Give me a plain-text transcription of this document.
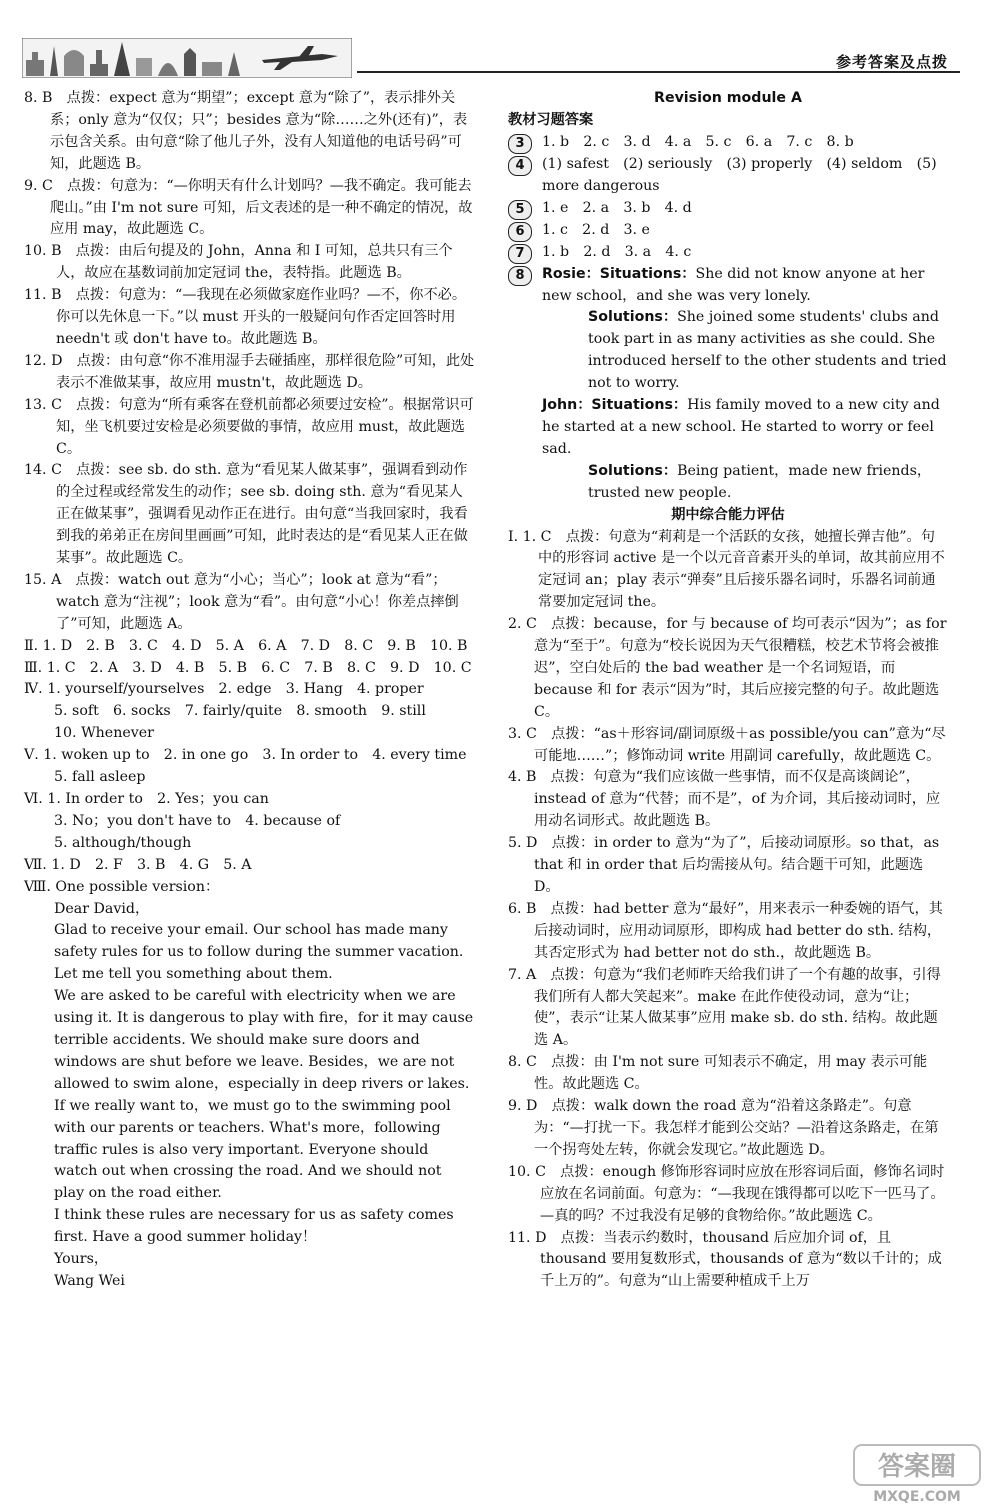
参考答案及点拨

8. B　点拨：expect 意为“期望”；except 意为“除了”，表示排外关系；only 意为“仅仅；只”；besides 意为“除……之外(还有)”，表示包含关系。由句意“除了他儿子外，没有人知道他的电话号码”可知，此题选 B。

9. C　点拨：句意为：“—你明天有什么计划吗？—我不确定。我可能去爬山。”由 I'm not sure 可知，后文表述的是一种不确定的情况，故应用 may，故此题选 C。

10. B　点拨：由后句提及的 John，Anna 和 I 可知，总共只有三个人，故应在基数词前加定冠词 the，表特指。此题选 B。

11. B　点拨：句意为：“—我现在必须做家庭作业吗？—不，你不必。你可以先休息一下。”以 must 开头的一般疑问句作否定回答时用 needn't 或 don't have to。故此题选 B。

12. D　点拨：由句意“你不准用湿手去碰插座，那样很危险”可知，此处表示不准做某事，故应用 mustn't，故此题选 D。

13. C　点拨：句意为“所有乘客在登机前都必须要过安检”。根据常识可知，坐飞机要过安检是必须要做的事情，故应用 must，故此题选 C。

14. C　点拨：see sb. do sth. 意为“看见某人做某事”，强调看到动作的全过程或经常发生的动作；see sb. doing sth. 意为“看见某人正在做某事”，强调看见动作正在进行。由句意“当我回家时，我看到我的弟弟正在房间里画画”可知，此时表达的是“看见某人正在做某事”。故此题选 C。

15. A　点拨：watch out 意为“小心；当心”；look at 意为“看”；watch 意为“注视”；look 意为“看”。由句意“小心！你差点摔倒了”可知，此题选 A。

Ⅱ. 1. D　2. B　3. C　4. D　5. A　6. A　7. D　8. C　9. B　10. B

Ⅲ. 1. C　2. A　3. D　4. B　5. B　6. C　7. B　8. C　9. D　10. C

Ⅳ. 1. yourself/yourselves　2. edge　3. Hang　4. proper

5. soft　6. socks　7. fairly/quite　8. smooth　9. still

10. Whenever

Ⅴ. 1. woken up to　2. in one go　3. In order to　4. every time

5. fall asleep

Ⅵ. 1. In order to　2. Yes；you can

3. No；you don't have to　4. because of

5. although/though

Ⅶ. 1. D　2. F　3. B　4. G　5. A

Ⅷ. One possible version：

Dear David，

Glad to receive your email. Our school has made many safety rules for us to follow during the summer vacation. Let me tell you something about them.

We are asked to be careful with electricity when we are using it. It is dangerous to play with fire，for it may cause terrible accidents. We should make sure doors and windows are shut before we leave. Besides，we are not allowed to swim alone，especially in deep rivers or lakes. If we really want to，we must go to the swimming pool with our parents or teachers. What's more，following traffic rules is also very important. Everyone should watch out when crossing the road. And we should not play on the road either.

I think these rules are necessary for us as safety comes first. Have a good summer holiday！

Yours，

Wang Wei

Revision module A

教材习题答案

3	1. b　2. c　3. d　4. a　5. c　6. a　7. c　8. b
4	(1) safest　(2) seriously　(3) properly　(4) seldom　(5) more dangerous
5	1. e　2. a　3. b　4. d
6	1. c　2. d　3. e
7	1. b　2. d　3. a　4. c
8	Rosie：Situations：She did not know anyone at her new school，and she was very lonely.

Solutions：She joined some students' clubs and took part in as many activities as she could. She introduced herself to the other students and tried not to worry.

John：Situations：His family moved to a new city and he started at a new school. He started to worry or feel sad.

Solutions：Being patient，made new friends，trusted new people.

期中综合能力评估

Ⅰ. 1. C　点拨：句意为“莉莉是一个活跃的女孩，她擅长弹吉他”。句中的形容词 active 是一个以元音音素开头的单词，故其前应用不定冠词 an；play 表示“弹奏”且后接乐器名词时，乐器名词前通常要加定冠词 the。

2. C　点拨：because，for 与 because of 均可表示“因为”；as for 意为“至于”。句意为“校长说因为天气很糟糕，校艺术节将会被推迟”，空白处后的 the bad weather 是一个名词短语，而 because 和 for 表示“因为”时，其后应接完整的句子。故此题选 C。

3. C　点拨：“as＋形容词/副词原级＋as possible/you can”意为“尽可能地……”；修饰动词 write 用副词 carefully，故此题选 C。

4. B　点拨：句意为“我们应该做一些事情，而不仅是高谈阔论”，instead of 意为“代替；而不是”，of 为介词，其后接动词时，应用动名词形式。故此题选 B。

5. D　点拨：in order to 意为“为了”，后接动词原形。so that，as that 和 in order that 后均需接从句。结合题干可知，此题选 D。

6. B　点拨：had better 意为“最好”，用来表示一种委婉的语气，其后接动词时，应用动词原形，即构成 had better do sth. 结构，其否定形式为 had better not do sth.，故此题选 B。

7. A　点拨：句意为“我们老师昨天给我们讲了一个有趣的故事，引得我们所有人都大笑起来”。make 在此作使役动词，意为“让；使”，表示“让某人做某事”应用 make sb. do sth. 结构。故此题选 A。

8. C　点拨：由 I'm not sure 可知表示不确定，用 may 表示可能性。故此题选 C。

9. D　点拨：walk down the road 意为“沿着这条路走”。句意为：“—打扰一下。我怎样才能到公交站？—沿着这条路走，在第一个拐弯处左转，你就会发现它。”故此题选 D。

10. C　点拨：enough 修饰形容词时应放在形容词后面，修饰名词时应放在名词前面。句意为：“—我现在饿得都可以吃下一匹马了。—真的吗？不过我没有足够的食物给你。”故此题选 C。

11. D　点拨：当表示约数时，thousand 后应加介词 of，且 thousand 要用复数形式，thousands of 意为“数以千计的；成千上万的”。句意为“山上需要种植成千上万

答案圈
MXQE.COM
